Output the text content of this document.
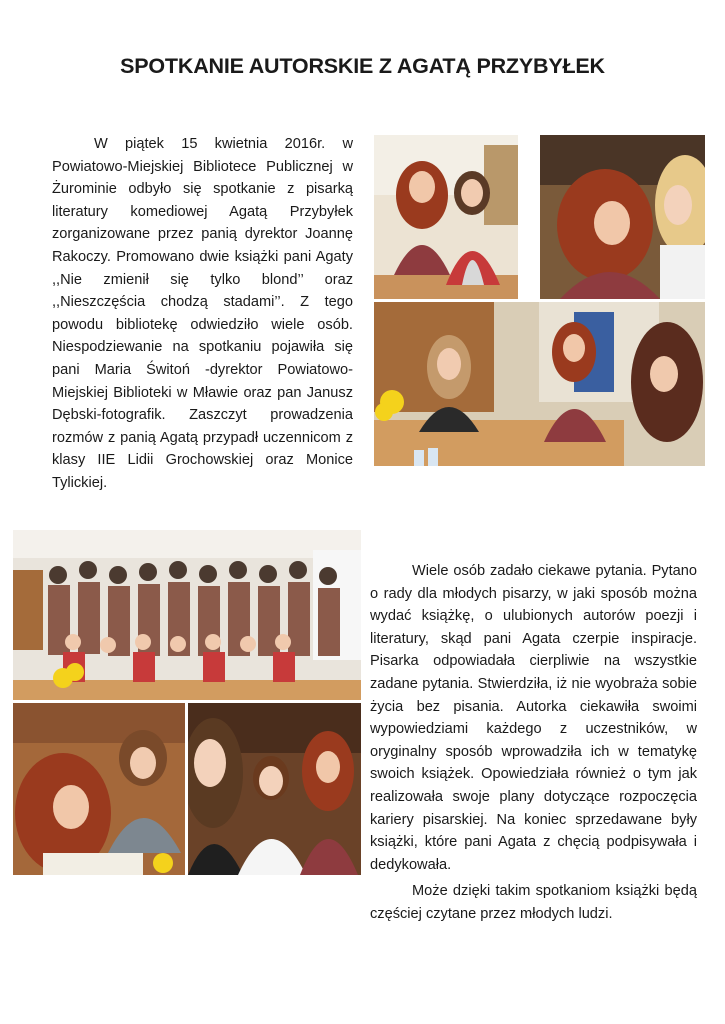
SPOTKANIE AUTORSKIE Z AGATĄ PRZYBYŁEK

W piątek 15 kwietnia 2016r. w Powiatowo-Miejskiej Bibliotece Publicznej w Żurominie odbyło się spotkanie z pisarką literatury komediowej Agatą Przybyłek zorganizowane przez panią dyrektor Joannę Rakoczy. Promowano dwie książki pani Agaty ,,Nie zmienił się tylko blond’’ oraz ,,Nieszczęścia chodzą stadami’’. Z tego powodu bibliotekę odwiedziło wiele osób. Niespodziewanie na spotkaniu pojawiła się pani Maria Świtoń -dyrektor Powiatowo-Miejskiej Biblioteki w Mławie oraz pan Janusz Dębski-fotografik. Zaszczyt prowadzenia rozmów z panią Agatą przypadł uczennicom z klasy IIE Lidii Grochowskiej oraz Monice Tylickiej.

Wiele osób zadało ciekawe pytania. Pytano o rady dla młodych pisarzy, w jaki sposób można wydać książkę, o ulubionych autorów poezji i literatury, skąd pani Agata czerpie inspiracje. Pisarka odpowiadała cierpliwie na wszystkie zadane pytania. Stwierdziła, iż nie wyobraża sobie życia bez pisania. Autorka ciekawiła swoimi wypowiedziami każdego z uczestników, w oryginalny sposób wprowadziła ich w tematykę swoich książek. Opowiedziała również o tym jak realizowała swoje plany dotyczące rozpoczęcia kariery pisarskiej. Na koniec sprzedawane były książki, które pani Agata z chęcią podpisywała i dedykowała.

Może dzięki takim spotkaniom książki będą częściej czytane przez młodych ludzi.
